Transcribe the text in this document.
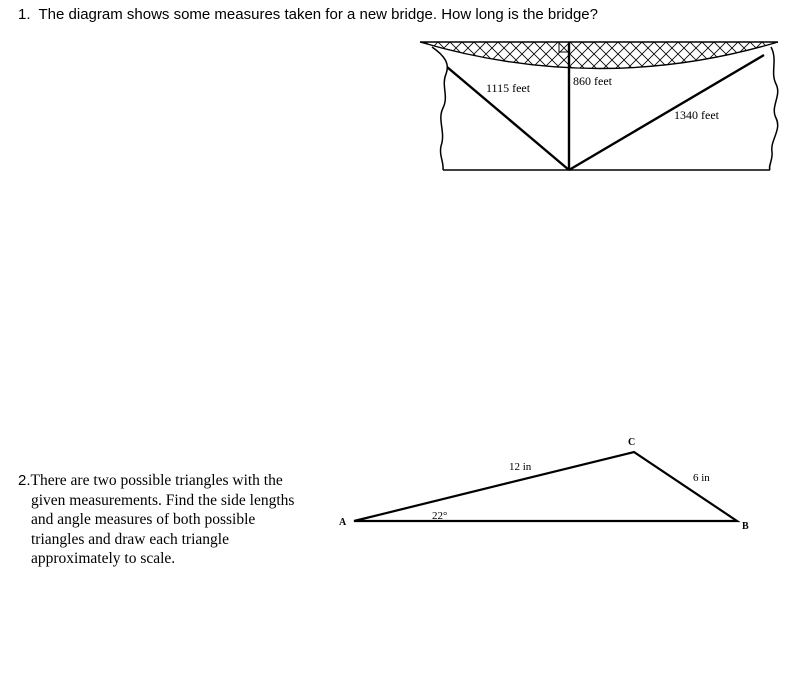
1. The diagram shows some measures taken for a new bridge. How long is the bridge?
1115 feet	860 feet
1340 feet
A	B
C
12 in
6 in
22°
2.There are two possible triangles with the
given measurements. Find the side lengths
and angle measures of both possible
triangles and draw each triangle
approximately to scale.
